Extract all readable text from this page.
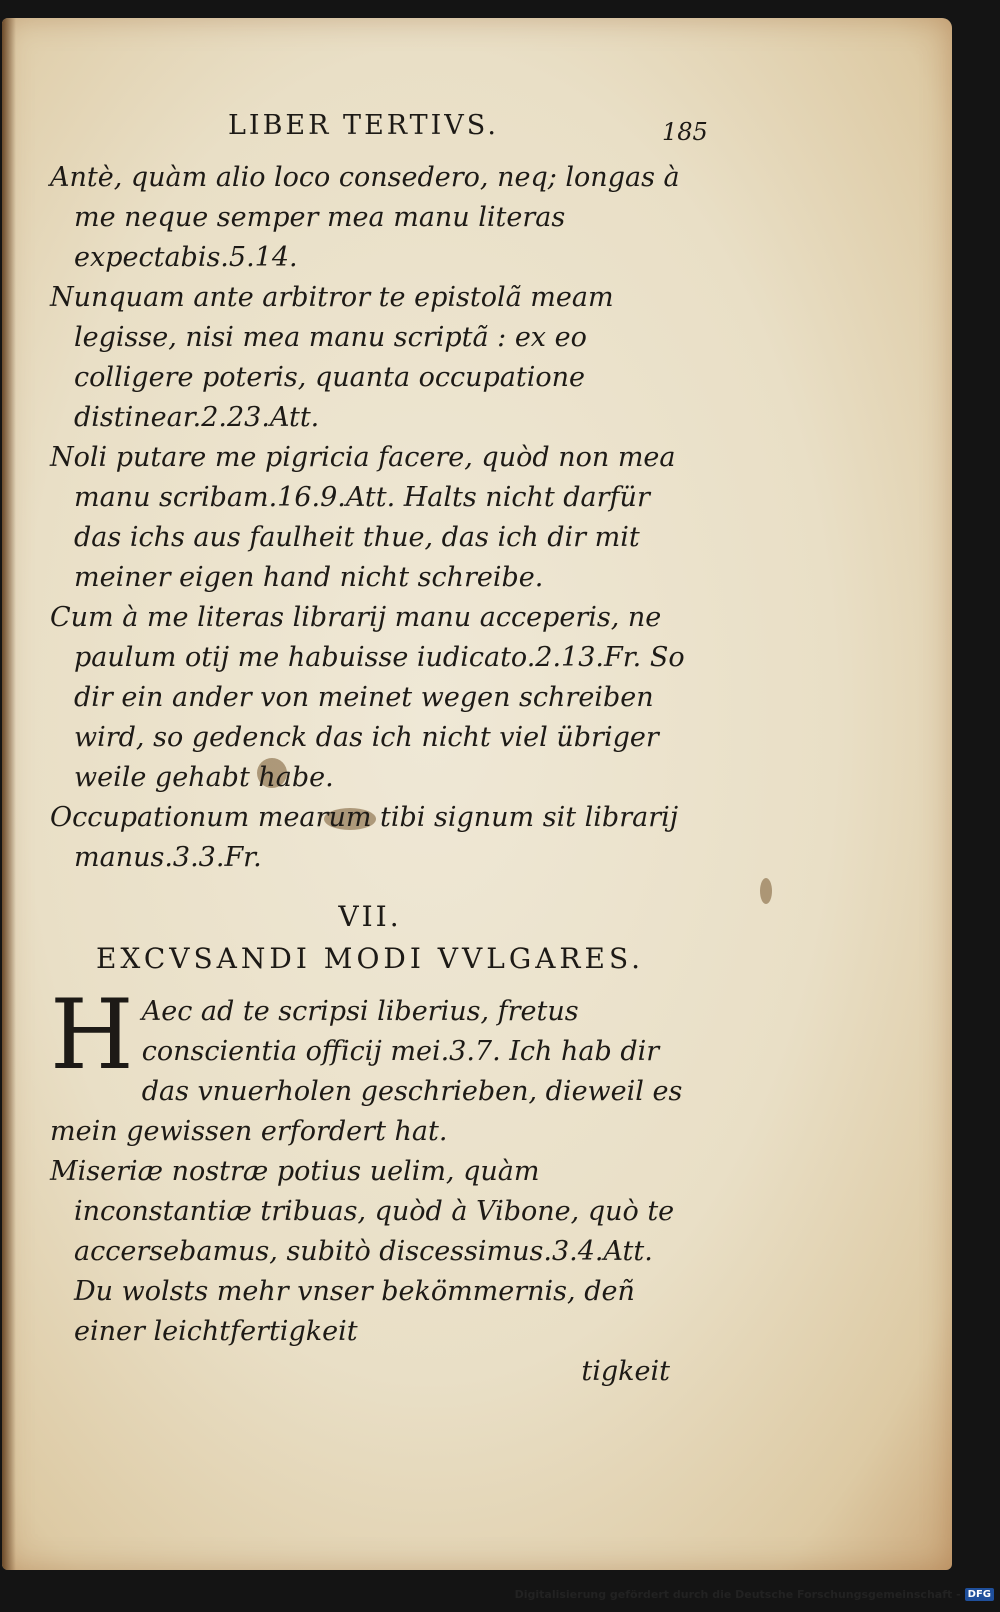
LIBER TERTIVS.	185
Antè, quàm alio loco consedero, neq; longas à me neque semper mea manu literas expectabis.5.14.
Nunquam ante arbitror te epistolã meam legisse, nisi mea manu scriptã : ex eo colligere poteris, quanta occupatione distinear.2.23.Att.
Noli putare me pigricia facere, quòd non mea manu scribam.16.9.Att. Halts nicht darfür das ichs aus faulheit thue, das ich dir mit meiner eigen hand nicht schreibe.
Cum à me literas librarij manu acceperis, ne paulum otij me habuisse iudicato.2.13.Fr. So dir ein ander von meinet wegen schreiben wird, so gedenck das ich nicht viel übriger weile gehabt habe.
Occupationum mearum tibi signum sit librarij manus.3.3.Fr.
VII.
EXCVSANDI MODI VVLGARES.
H Aec ad te scripsi liberius, fretus conscientia officij mei.3.7. Ich hab dir das vnuerholen geschrieben, dieweil es mein gewissen erfordert hat.
Miseriæ nostræ potius uelim, quàm inconstantiæ tribuas, quòd à Vibone, quò te accersebamus, subitò discessimus.3.4.Att. Du wolsts mehr vnser bekömmernis, deñ einer leichtfertigkeit
tigkeit
Digitalisierung gefördert durch die Deutsche Forschungsgemeinschaft - DFG
